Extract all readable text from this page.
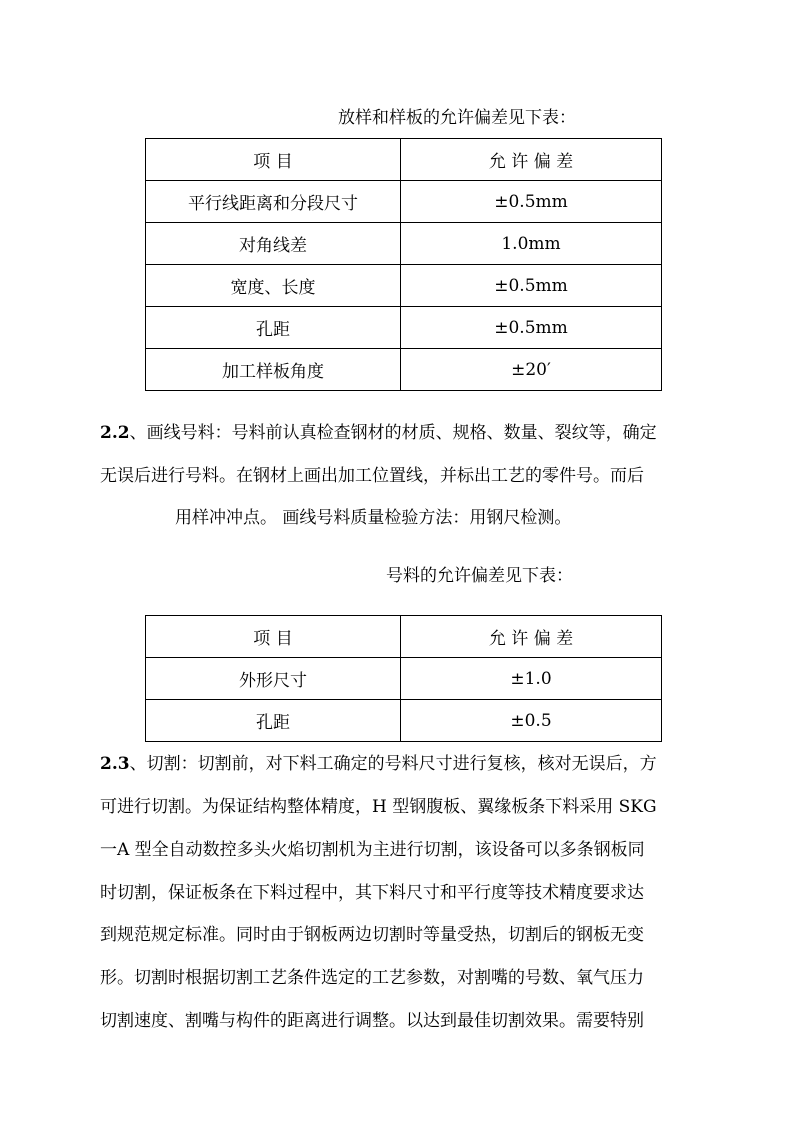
放样和样板的允许偏差见下表：
项 目	允 许 偏 差
平行线距离和分段尺寸	±0.5mm
对角线差	1.0mm
宽度、长度	±0.5mm
孔距	±0.5mm
加工样板角度	±20′
2.2、画线号料：号料前认真检查钢材的材质、规格、数量、裂纹等，确定
无误后进行号料。在钢材上画出加工位置线，并标出工艺的零件号。而后
用样冲冲点。 画线号料质量检验方法：用钢尺检测。
号料的允许偏差见下表：
项 目	允 许 偏 差
外形尺寸	±1.0
孔距	±0.5
2.3、切割：切割前，对下料工确定的号料尺寸进行复核，核对无误后，方
可进行切割。为保证结构整体精度，H 型钢腹板、翼缘板条下料采用 SKG
一A 型全自动数控多头火焰切割机为主进行切割，该设备可以多条钢板同
时切割，保证板条在下料过程中，其下料尺寸和平行度等技术精度要求达
到规范规定标准。同时由于钢板两边切割时等量受热，切割后的钢板无变
形。切割时根据切割工艺条件选定的工艺参数，对割嘴的号数、氧气压力
切割速度、割嘴与构件的距离进行调整。以达到最佳切割效果。需要特别
